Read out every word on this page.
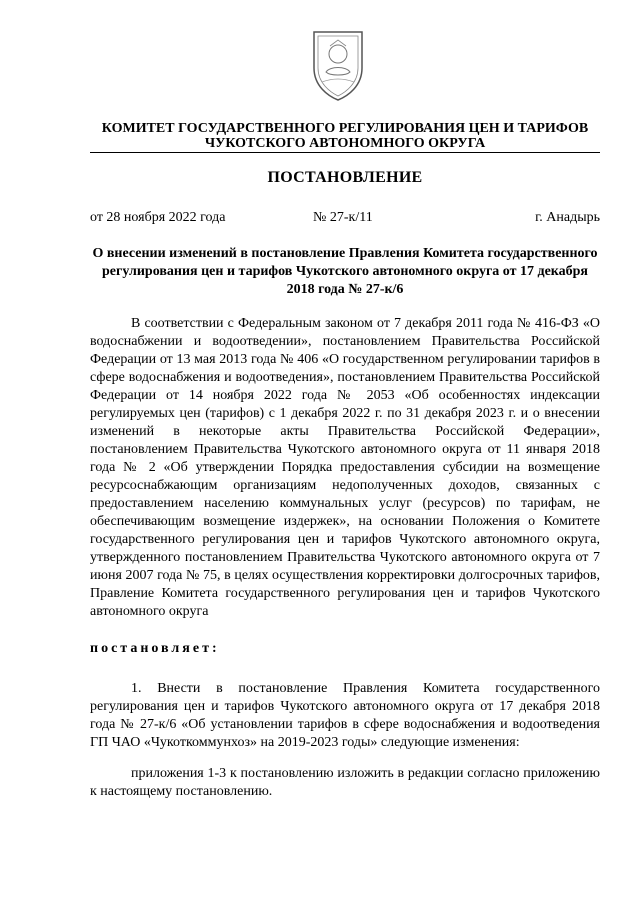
КОМИТЕТ ГОСУДАРСТВЕННОГО РЕГУЛИРОВАНИЯ ЦЕН И ТАРИФОВ
ЧУКОТСКОГО АВТОНОМНОГО ОКРУГА
ПОСТАНОВЛЕНИЕ
от 28 ноября 2022 года	№ 27-к/11	г. Анадырь
О внесении изменений в постановление Правления Комитета государственного регулирования цен и тарифов Чукотского автономного округа от 17 декабря 2018 года № 27-к/6

В соответствии с Федеральным законом от 7 декабря 2011 года № 416-ФЗ «О водоснабжении и водоотведении», постановлением Правительства Российской Федерации от 13 мая 2013 года № 406 «О государственном регулировании тарифов в сфере водоснабжения и водоотведения», постановлением Правительства Российской Федерации от 14 ноября 2022 года № 2053 «Об особенностях индексации регулируемых цен (тарифов) с 1 декабря 2022 г. по 31 декабря 2023 г. и о внесении изменений в некоторые акты Правительства Российской Федерации», постановлением Правительства Чукотского автономного округа от 11 января 2018 года № 2 «Об утверждении Порядка предоставления субсидии на возмещение ресурсоснабжающим организациям недополученных доходов, связанных с предоставлением населению коммунальных услуг (ресурсов) по тарифам, не обеспечивающим возмещение издержек», на основании Положения о Комитете государственного регулирования цен и тарифов Чукотского автономного округа, утвержденного постановлением Правительства Чукотского автономного округа от 7 июня 2007 года № 75, в целях осуществления корректировки долгосрочных тарифов, Правление Комитета государственного регулирования цен и тарифов Чукотского автономного округа

постановляет:

1. Внести в постановление Правления Комитета государственного регулирования цен и тарифов Чукотского автономного округа от 17 декабря 2018 года № 27-к/6 «Об установлении тарифов в сфере водоснабжения и водоотведения ГП ЧАО «Чукоткоммунхоз» на 2019-2023 годы» следующие изменения:

приложения 1-3 к постановлению изложить в редакции согласно приложению к настоящему постановлению.
